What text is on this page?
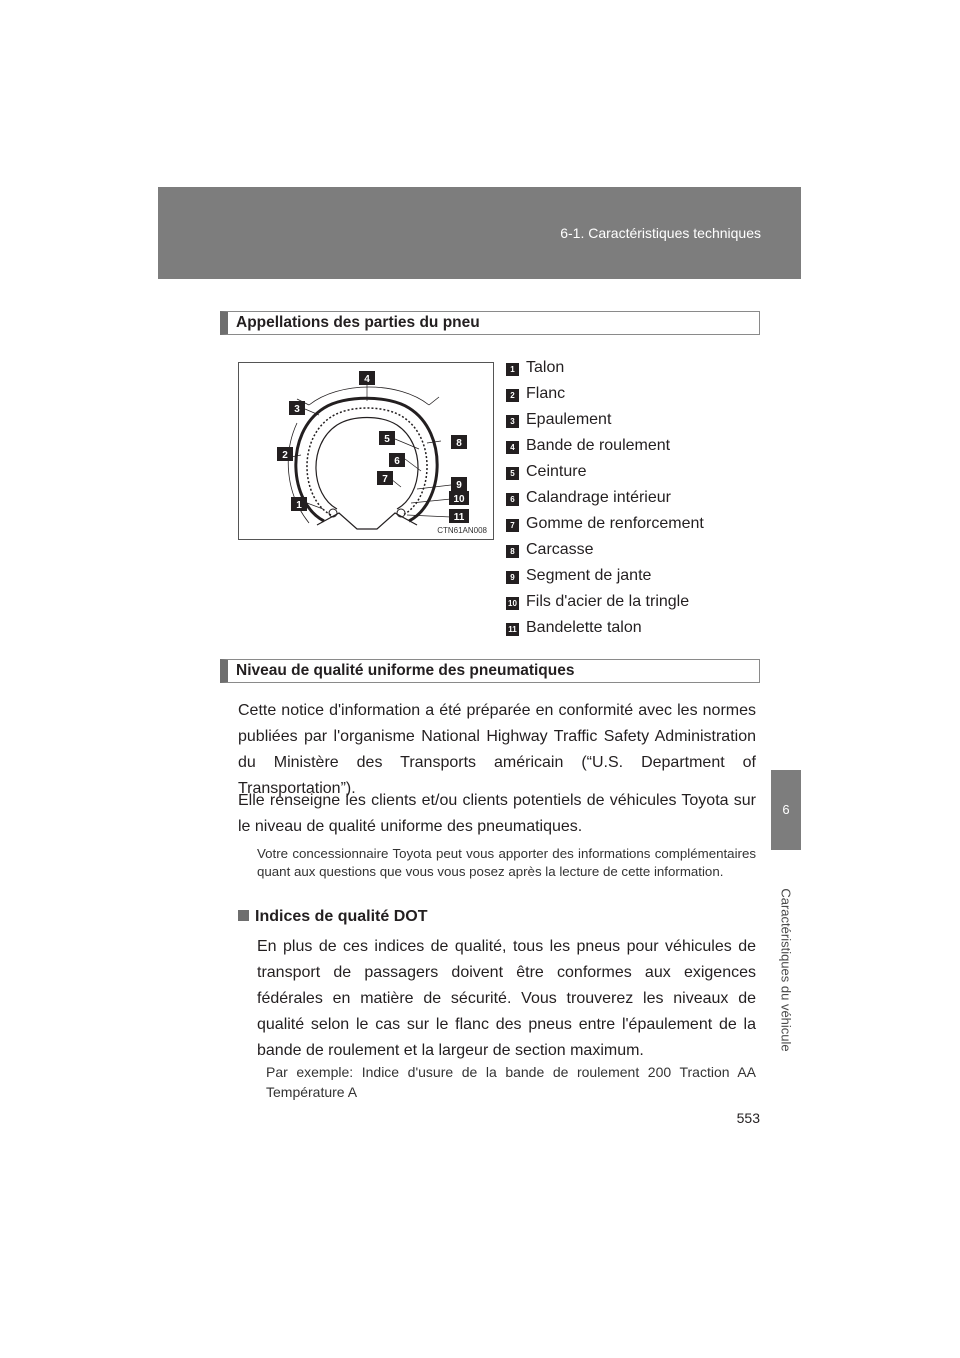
6-1. Caractéristiques techniques
6
Caractéristiques du véhicule
Appellations des parties du pneu
4
3
2
1
5
6
7
8
9
10
11
CTN61AN008
1 Talon
2 Flanc
3 Epaulement
4 Bande de roulement
5 Ceinture
6 Calandrage intérieur
7 Gomme de renforcement
8 Carcasse
9 Segment de jante
10 Fils d'acier de la tringle
11 Bandelette talon
Niveau de qualité uniforme des pneumatiques
Cette notice d'information a été préparée en conformité avec les normes publiées par l'organisme National Highway Traffic Safety Administration du Ministère des Transports américain (“U.S. Department of Transportation”).
Elle renseigne les clients et/ou clients potentiels de véhicules Toyota sur le niveau de qualité uniforme des pneumatiques.
Votre concessionnaire Toyota peut vous apporter des informations complémentaires quant aux questions que vous vous posez après la lecture de cette information.
Indices de qualité DOT
En plus de ces indices de qualité, tous les pneus pour véhicules de transport de passagers doivent être conformes aux exigences fédérales en matière de sécurité. Vous trouverez les niveaux de qualité selon le cas sur le flanc des pneus entre l'épaulement de la bande de roulement et la largeur de section maximum.
Par exemple: Indice d'usure de la bande de roulement 200 Traction AA Température A
553
